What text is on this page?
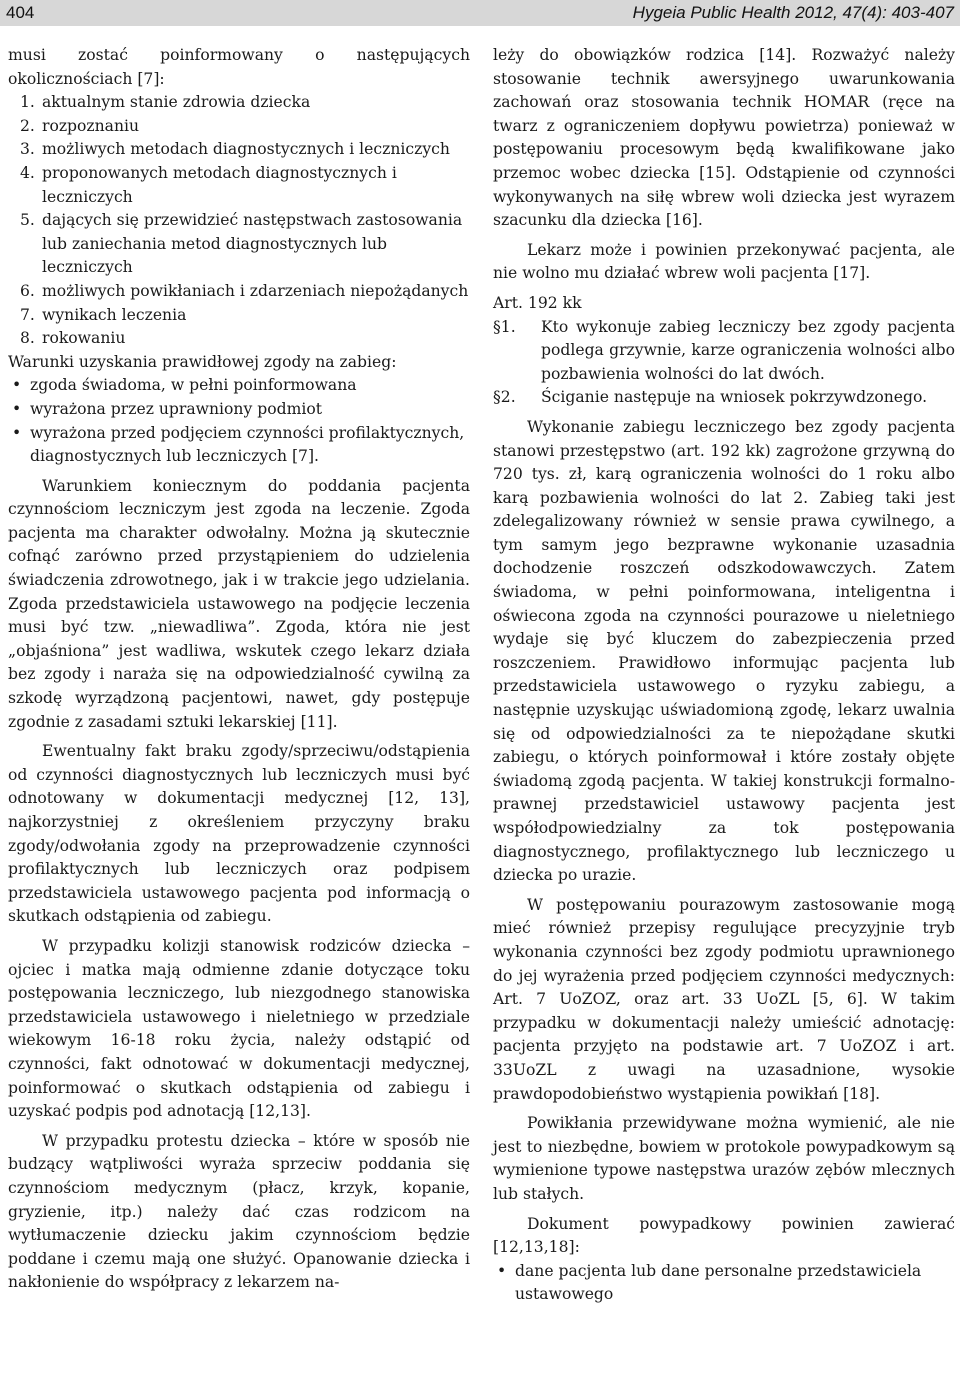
404	Hygeia Public Health 2012, 47(4): 403-407

musi zostać poinformowany o następujących okolicznościach [7]:

1. aktualnym stanie zdrowia dziecka
2. rozpoznaniu
3. możliwych metodach diagnostycznych i leczniczych
4. proponowanych metodach diagnostycznych i leczniczych
5. dających się przewidzieć następstwach zastosowania lub zaniechania metod diagnostycznych lub leczniczych
6. możliwych powikłaniach i zdarzeniach niepożądanych
7. wynikach leczenia
8. rokowaniu

Warunki uzyskania prawidłowej zgody na zabieg:

• zgoda świadoma, w pełni poinformowana
• wyrażona przez uprawniony podmiot
• wyrażona przed podjęciem czynności profilaktycznych, diagnostycznych lub leczniczych [7].

Warunkiem koniecznym do poddania pacjenta czynnościom leczniczym jest zgoda na leczenie. Zgoda pacjenta ma charakter odwołalny. Można ją skutecznie cofnąć zarówno przed przystąpieniem do udzielenia świadczenia zdrowotnego, jak i w trakcie jego udzielania. Zgoda przedstawiciela ustawowego na podjęcie leczenia musi być tzw. „niewadliwa”. Zgoda, która nie jest „objaśniona” jest wadliwa, wskutek czego lekarz działa bez zgody i naraża się na odpowiedzialność cywilną za szkodę wyrządzoną pacjentowi, nawet, gdy postępuje zgodnie z zasadami sztuki lekarskiej [11].

Ewentualny fakt braku zgody/sprzeciwu/odstąpienia od czynności diagnostycznych lub leczniczych musi być odnotowany w dokumentacji medycznej [12, 13], najkorzystniej z określeniem przyczyny braku zgody/odwołania zgody na przeprowadzenie czynności profilaktycznych lub leczniczych oraz podpisem przedstawiciela ustawowego pacjenta pod informacją o skutkach odstąpienia od zabiegu.

W przypadku kolizji stanowisk rodziców dziecka – ojciec i matka mają odmienne zdanie dotyczące toku postępowania leczniczego, lub niezgodnego stanowiska przedstawiciela ustawowego i nieletniego w przedziale wiekowym 16-18 roku życia, należy odstąpić od czynności, fakt odnotować w dokumentacji medycznej, poinformować o skutkach odstąpienia od zabiegu i uzyskać podpis pod adnotacją [12,13].

W przypadku protestu dziecka – które w sposób nie budzący wątpliwości wyraża sprzeciw poddania się czynnościom medycznym (płacz, krzyk, kopanie, gryzienie, itp.) należy dać czas rodzicom na wytłumaczenie dziecku jakim czynnościom będzie poddane i czemu mają one służyć. Opanowanie dziecka i nakłonienie do współpracy z lekarzem na-

leży do obowiązków rodzica [14]. Rozważyć należy stosowanie technik awersyjnego uwarunkowania zachowań oraz stosowania technik HOMAR (ręce na twarz z ograniczeniem dopływu powietrza) ponieważ w postępowaniu procesowym będą kwalifikowane jako przemoc wobec dziecka [15]. Odstąpienie od czynności wykonywanych na siłę wbrew woli dziecka jest wyrazem szacunku dla dziecka [16].

Lekarz może i powinien przekonywać pacjenta, ale nie wolno mu działać wbrew woli pacjenta [17].

Art. 192 kk

§1. Kto wykonuje zabieg leczniczy bez zgody pacjenta podlega grzywnie, karze ograniczenia wolności albo pozbawienia wolności do lat dwóch.
§2. Ściganie następuje na wniosek pokrzywdzonego.

Wykonanie zabiegu leczniczego bez zgody pacjenta stanowi przestępstwo (art. 192 kk) zagrożone grzywną do 720 tys. zł, karą ograniczenia wolności do 1 roku albo karą pozbawienia wolności do lat 2. Zabieg taki jest zdelegalizowany również w sensie prawa cywilnego, a tym samym jego bezprawne wykonanie uzasadnia dochodzenie roszczeń odszkodowawczych. Zatem świadoma, w pełni poinformowana, inteligentna i oświecona zgoda na czynności pourazowe u nieletniego wydaje się być kluczem do zabezpieczenia przed roszczeniem. Prawidłowo informując pacjenta lub przedstawiciela ustawowego o ryzyku zabiegu, a następnie uzyskując uświadomioną zgodę, lekarz uwalnia się od odpowiedzialności za te niepożądane skutki zabiegu, o których poinformował i które zostały objęte świadomą zgodą pacjenta. W takiej konstrukcji formalno-prawnej przedstawiciel ustawowy pacjenta jest współodpowiedzialny za tok postępowania diagnostycznego, profilaktycznego lub leczniczego u dziecka po urazie.

W postępowaniu pourazowym zastosowanie mogą mieć również przepisy regulujące precyzyjnie tryb wykonania czynności bez zgody podmiotu uprawnionego do jej wyrażenia przed podjęciem czynności medycznych: Art. 7 UoZOZ, oraz art. 33 UoZL [5, 6]. W takim przypadku w dokumentacji należy umieścić adnotację: pacjenta przyjęto na podstawie art. 7 UoZOZ i art. 33UoZL z uwagi na uzasadnione, wysokie prawdopodobieństwo wystąpienia powikłań [18].

Powikłania przewidywane można wymienić, ale nie jest to niezbędne, bowiem w protokole powypadkowym są wymienione typowe następstwa urazów zębów mlecznych lub stałych.

Dokument powypadkowy powinien zawierać [12,13,18]:

• dane pacjenta lub dane personalne przedstawiciela ustawowego
